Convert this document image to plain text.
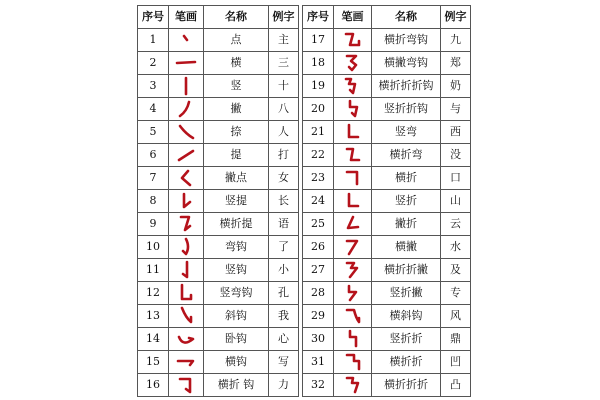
序号	笔画	名称	例字
1		点	主
2		横	三
3		竖	十
4		撇	八
5		捺	人
6		提	打
7		撇点	女
8		竖提	长
9		横折提	语
10		弯钩	了
11		竖钩	小
12		竖弯钩	孔
13		斜钩	我
14		卧钩	心
15		横钩	写
16		横折 钩	力
序号	笔画	名称	例字
17		横折弯钩	九
18		横撇弯钩	郑
19		横折折折钩	奶
20		竖折折钩	与
21		竖弯	西
22		横折弯	没
23		横折	口
24		竖折	山
25		撇折	云
26		横撇	水
27		横折折撇	及
28		竖折撇	专
29		横斜钩	风
30		竖折折	鼎
31		横折折	凹
32		横折折折	凸
